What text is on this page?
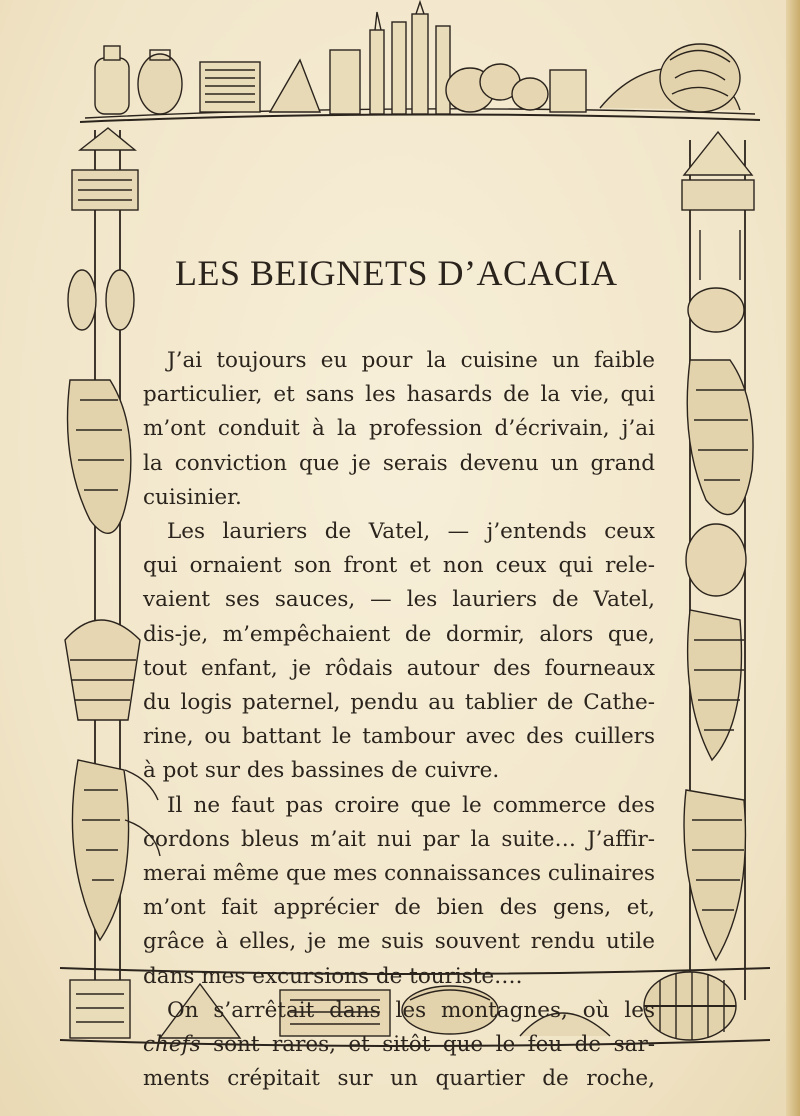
LES BEIGNETS D’ACACIA
J’ai toujours eu pour la cuisine un faible
particulier, et sans les hasards de la vie, qui
m’ont conduit à la profession d’écrivain, j’ai
la conviction que je serais devenu un grand
cuisinier.
Les lauriers de Vatel, — j’entends ceux
qui ornaient son front et non ceux qui rele-
vaient ses sauces, — les lauriers de Vatel,
dis-je, m’empêchaient de dormir, alors que,
tout enfant, je rôdais autour des fourneaux
du logis paternel, pendu au tablier de Cathe-
rine, ou battant le tambour avec des cuillers
à pot sur des bassines de cuivre.
Il ne faut pas croire que le commerce des
cordons bleus m’ait nui par la suite… J’affir-
merai même que mes connaissances culinaires
m’ont fait apprécier de bien des gens, et,
grâce à elles, je me suis souvent rendu utile
dans mes excursions de touriste….
On s’arrêtait dans les montagnes, où les
chefs sont rares, et sitôt que le feu de sar-
ments crépitait sur un quartier de roche,
